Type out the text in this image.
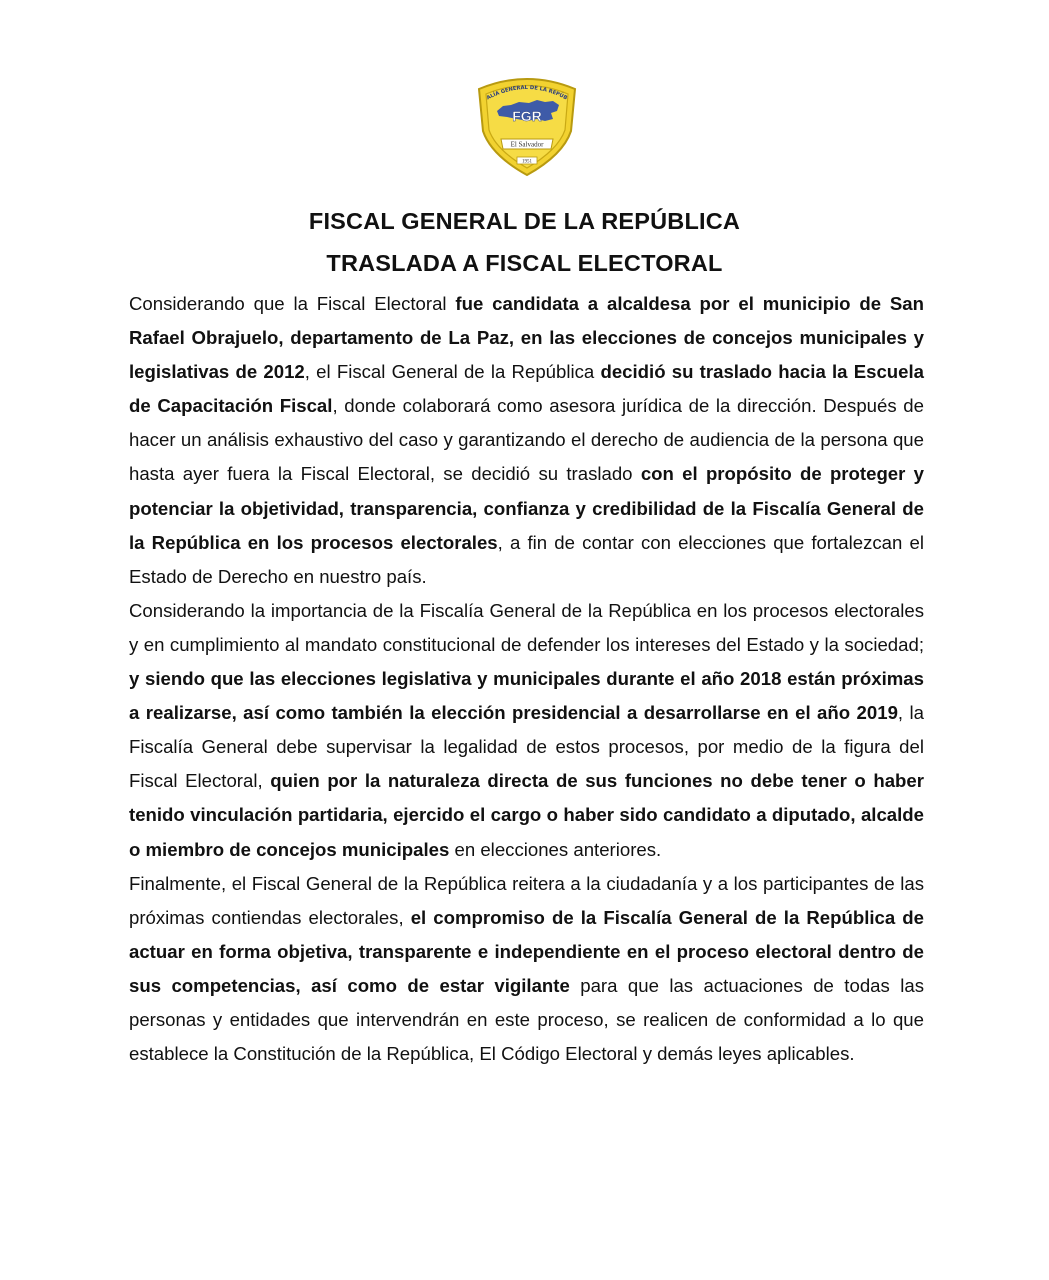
ALÍA GENERAL DE LA REPÚB
FGR
El Salvador
1951
FISCAL GENERAL DE LA REPÚBLICA
TRASLADA A FISCAL ELECTORAL

Considerando que la Fiscal Electoral fue candidata a alcaldesa por el municipio de San Rafael Obrajuelo, departamento de La Paz, en las elecciones de concejos municipales y legislativas de 2012, el Fiscal General de la República decidió su traslado hacia la Escuela de Capacitación Fiscal, donde colaborará como asesora jurídica de la dirección. Después de hacer un análisis exhaustivo del caso y garantizando el derecho de audiencia de la persona que hasta ayer fuera la Fiscal Electoral, se decidió su traslado con el propósito de proteger y potenciar la objetividad, transparencia, confianza y credibilidad de la Fiscalía General de la República en los procesos electorales, a fin de contar con elecciones que fortalezcan el Estado de Derecho en nuestro país.

Considerando la importancia de la Fiscalía General de la República en los procesos electorales y en cumplimiento al mandato constitucional de defender los intereses del Estado y la sociedad; y siendo que las elecciones legislativa y municipales durante el año 2018 están próximas a realizarse, así como también la elección presidencial a desarrollarse en el año 2019, la Fiscalía General debe supervisar la legalidad de estos procesos, por medio de la figura del Fiscal Electoral, quien por la naturaleza directa de sus funciones no debe tener o haber tenido vinculación partidaria, ejercido el cargo o haber sido candidato a diputado, alcalde o miembro de concejos municipales en elecciones anteriores.

Finalmente, el Fiscal General de la República reitera a la ciudadanía y a los participantes de las próximas contiendas electorales, el compromiso de la Fiscalía General de la República de actuar en forma objetiva, transparente e independiente en el proceso electoral dentro de sus competencias, así como de estar vigilante para que las actuaciones de todas las personas y entidades que intervendrán en este proceso, se realicen de conformidad a lo que establece la Constitución de la República, El Código Electoral y demás leyes aplicables.
